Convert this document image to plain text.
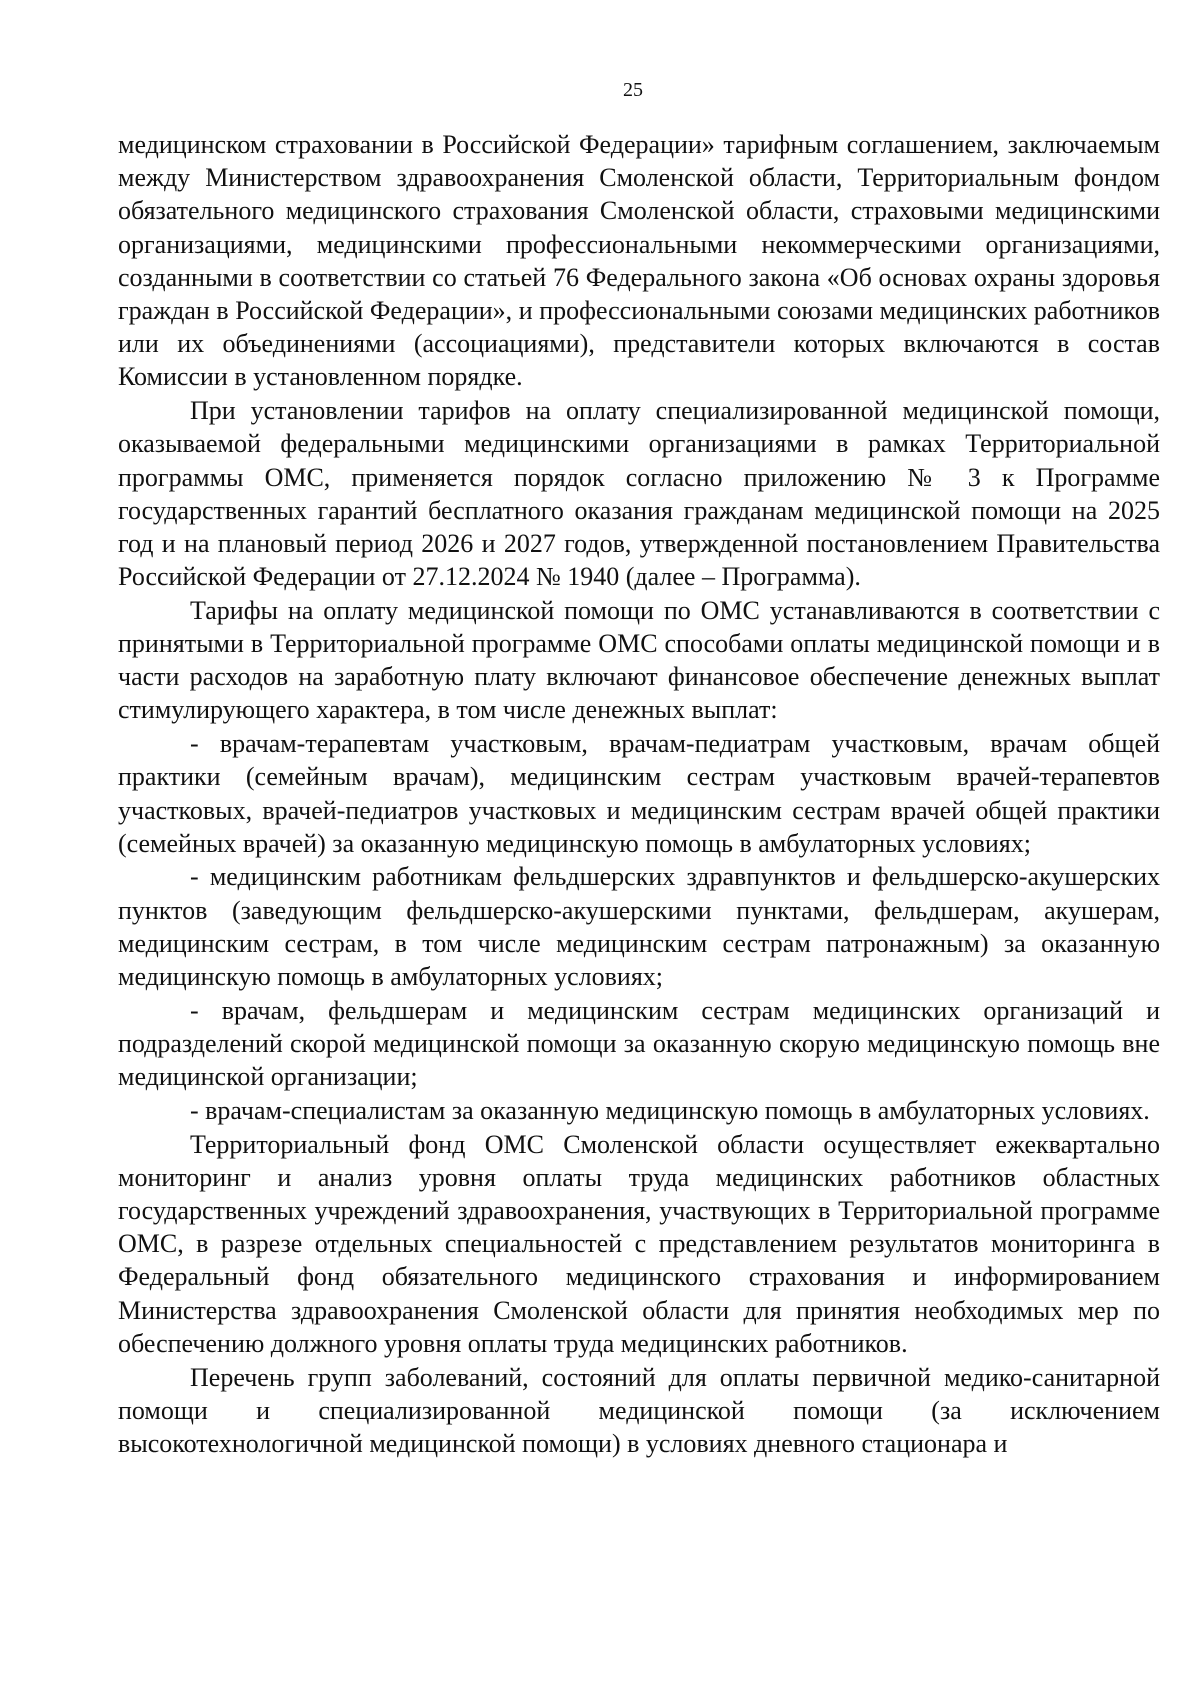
25

медицинском страховании в Российской Федерации» тарифным соглашением, заключаемым между Министерством здравоохранения Смоленской области, Территориальным фондом обязательного медицинского страхования Смоленской области, страховыми медицинскими организациями, медицинскими профессиональными некоммерческими организациями, созданными в соответствии со статьей 76 Федерального закона «Об основах охраны здоровья граждан в Российской Федерации», и профессиональными союзами медицинских работников или их объединениями (ассоциациями), представители которых включаются в состав Комиссии в установленном порядке.

При установлении тарифов на оплату специализированной медицинской помощи, оказываемой федеральными медицинскими организациями в рамках Территориальной программы ОМС, применяется порядок согласно приложению № 3 к Программе государственных гарантий бесплатного оказания гражданам медицинской помощи на 2025 год и на плановый период 2026 и 2027 годов, утвержденной постановлением Правительства Российской Федерации от 27.12.2024 № 1940 (далее – Программа).

Тарифы на оплату медицинской помощи по ОМС устанавливаются в соответствии с принятыми в Территориальной программе ОМС способами оплаты медицинской помощи и в части расходов на заработную плату включают финансовое обеспечение денежных выплат стимулирующего характера, в том числе денежных выплат:

- врачам-терапевтам участковым, врачам-педиатрам участковым, врачам общей практики (семейным врачам), медицинским сестрам участковым врачей-терапевтов участковых, врачей-педиатров участковых и медицинским сестрам врачей общей практики (семейных врачей) за оказанную медицинскую помощь в амбулаторных условиях;

- медицинским работникам фельдшерских здравпунктов и фельдшерско-акушерских пунктов (заведующим фельдшерско-акушерскими пунктами, фельдшерам, акушерам, медицинским сестрам, в том числе медицинским сестрам патронажным) за оказанную медицинскую помощь в амбулаторных условиях;

- врачам, фельдшерам и медицинским сестрам медицинских организаций и подразделений скорой медицинской помощи за оказанную скорую медицинскую помощь вне медицинской организации;

- врачам-специалистам за оказанную медицинскую помощь в амбулаторных условиях.

Территориальный фонд ОМС Смоленской области осуществляет ежеквартально мониторинг и анализ уровня оплаты труда медицинских работников областных государственных учреждений здравоохранения, участвующих в Территориальной программе ОМС, в разрезе отдельных специальностей с представлением результатов мониторинга в Федеральный фонд обязательного медицинского страхования и информированием Министерства здравоохранения Смоленской области для принятия необходимых мер по обеспечению должного уровня оплаты труда медицинских работников.

Перечень групп заболеваний, состояний для оплаты первичной медико-санитарной помощи и специализированной медицинской помощи (за исключением высокотехнологичной медицинской помощи) в условиях дневного стационара и
